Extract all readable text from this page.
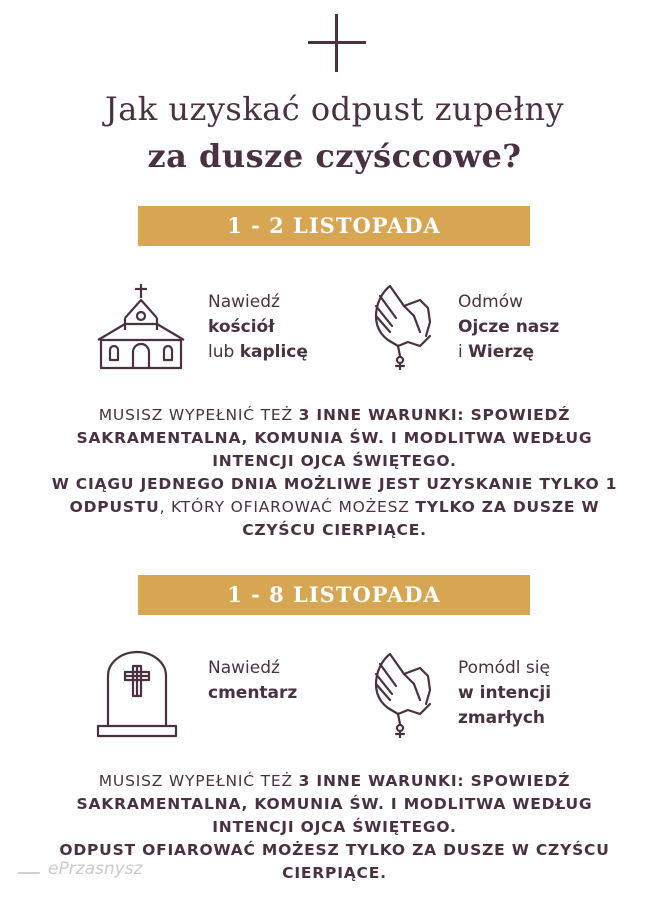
Jak uzyskać odpust zupełny
za dusze czyśccowe?
1 - 2 LISTOPADA
Nawiedź
kościół
lub kaplicę
Odmów
Ojcze nasz
i Wierzę
MUSISZ WYPEŁNIĆ TEŻ 3 INNE WARUNKI: SPOWIEDŹ SAKRAMENTALNA, KOMUNIA ŚW. I MODLITWA WEDŁUG INTENCJI OJCA ŚWIĘTEGO.
W CIĄGU JEDNEGO DNIA MOŻLIWE JEST UZYSKANIE TYLKO 1 ODPUSTU, KTÓRY OFIAROWAĆ MOŻESZ TYLKO ZA DUSZE W CZYŚCU CIERPIĄCE.
1 - 8 LISTOPADA
Nawiedź
cmentarz
Pomódl się
w intencji
zmarłych
MUSISZ WYPEŁNIĆ TEŻ 3 INNE WARUNKI: SPOWIEDŹ SAKRAMENTALNA, KOMUNIA ŚW. I MODLITWA WEDŁUG INTENCJI OJCA ŚWIĘTEGO.
ODPUST OFIAROWAĆ MOŻESZ TYLKO ZA DUSZE W CZYŚCU CIERPIĄCE.
ePrzasnysz
